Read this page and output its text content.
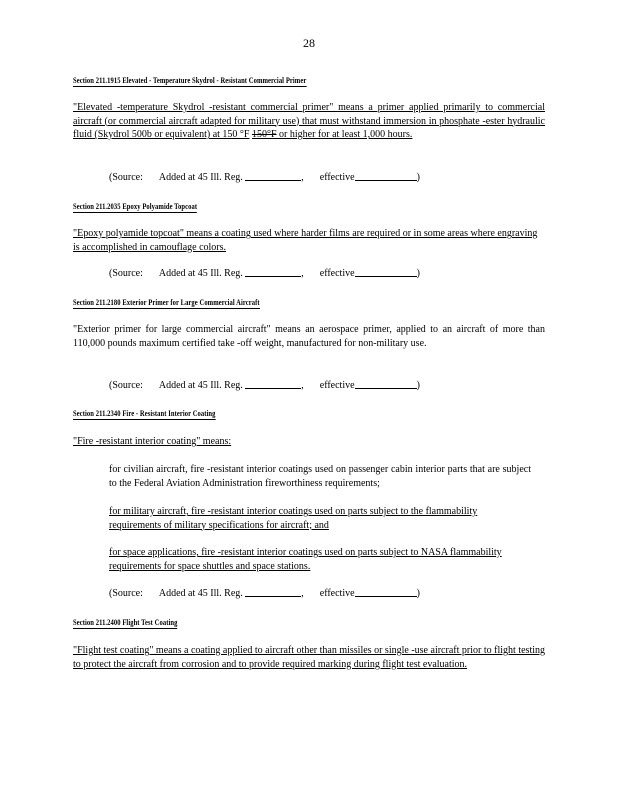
28
Section 211.1915 Elevated - Temperature Skydrol - Resistant Commercial Primer
"Elevated -temperature Skydrol -resistant commercial primer" means a primer applied primarily to commercial aircraft (or commercial aircraft adapted for military use) that must withstand immersion in phosphate -ester hydraulic fluid (Skydrol 500b or equivalent) at 150 °F 150°F or higher for at least 1,000 hours.
(Source: Added at 45 Ill. Reg.	, effective	)
Section 211.2035 Epoxy Polyamide Topcoat
"Epoxy polyamide topcoat" means a coating used where harder films are required or in some areas where engraving is accomplished in camouflage colors.
(Source: Added at 45 Ill. Reg.	, effective	)
Section 211.2180 Exterior Primer for Large Commercial Aircraft
"Exterior primer for large commercial aircraft" means an aerospace primer, applied to an aircraft of more than 110,000 pounds maximum certified take -off weight, manufactured for non-military use.
(Source: Added at 45 Ill. Reg.	, effective	)
Section 211.2340 Fire - Resistant Interior Coating
"Fire -resistant interior coating" means:
for civilian aircraft, fire -resistant interior coatings used on passenger cabin interior parts that are subject to the Federal Aviation Administration fireworthiness requirements;
for military aircraft, fire -resistant interior coatings used on parts subject to the flammability requirements of military specifications for aircraft; and
for space applications, fire -resistant interior coatings used on parts subject to NASA flammability requirements for space shuttles and space stations.
(Source: Added at 45 Ill. Reg.	, effective	)
Section 211.2400 Flight Test Coating
"Flight test coating" means a coating applied to aircraft other than missiles or single -use aircraft prior to flight testing to protect the aircraft from corrosion and to provide required marking during flight test evaluation.
